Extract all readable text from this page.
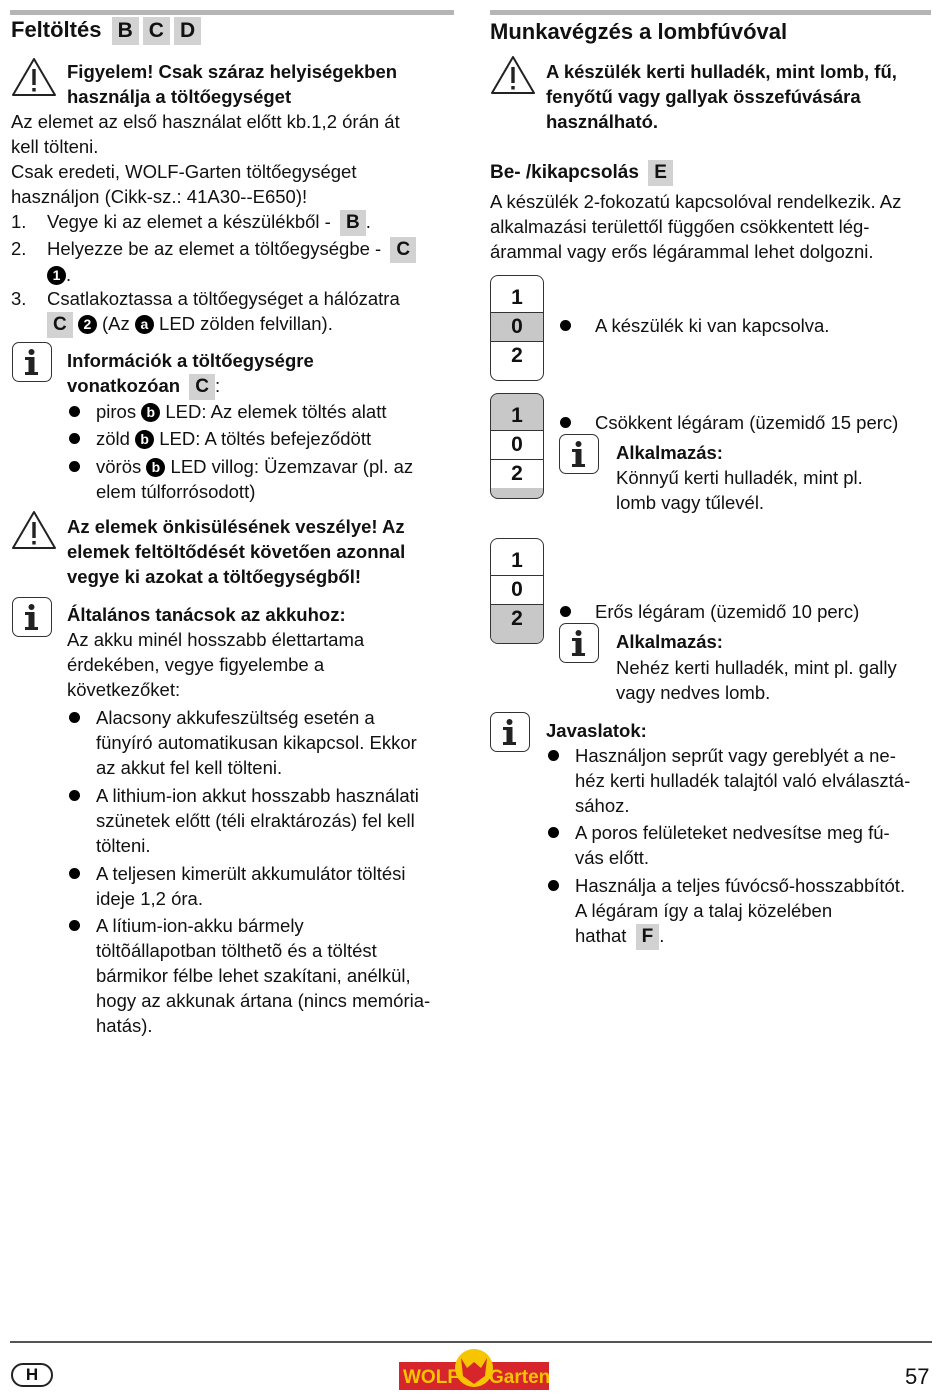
Feltöltés B C D
Figyelem! Csak száraz helyiségekben
használja a töltőegységet
Az elemet az első használat előtt kb.1,2 órán át
kell tölteni.
Csak eredeti, WOLF-Garten töltőegységet
használjon (Cikk-sz.: 41A30--E650)!
1. Vegye ki az elemet a készülékből - B .
2. Helyezze be az elemet a töltőegységbe - C
1 .
3. Csatlakoztassa a töltőegységet a hálózatra
C 2 (Az a LED zölden felvillan).
Információk a töltőegységre
vonatkozóan C :
piros b LED: Az elemek töltés alatt
zöld b LED: A töltés befejeződött
vörös b LED villog: Üzemzavar (pl. az
elem túlforrósodott)
Az elemek önkisülésének veszélye! Az
elemek feltöltődését követően azonnal
vegye ki azokat a töltőegységből!
Általános tanácsok az akkuhoz:
Az akku minél hosszabb élettartama
érdekében, vegye figyelembe a
következőket:
Alacsony akkufeszültség esetén a
fünyíró automatikusan kikapcsol. Ekkor
az akkut fel kell tölteni.
A lithium-ion akkut hosszabb használati
szünetek előtt (téli elraktározás) fel kell
tölteni.
A teljesen kimerült akkumulátor töltési
ideje 1,2 óra.
A lítium-ion-akku bármely
töltõállapotban tölthetõ és a töltést
bármikor félbe lehet szakítani, anélkül,
hogy az akkunak ártana (nincs memória-
hatás).
Munkavégzés a lombfúvóval
A készülék kerti hulladék, mint lomb, fű,
fenyőtű vagy gallyak összefúvására
használható.
Be- /kikapcsolás E
A készülék 2-fokozatú kapcsolóval rendelkezik. Az
alkalmazási területtől függően csökkentett lég-
árammal vagy erős légárammal lehet dolgozni.
1
0
2
A készülék ki van kapcsolva.
1
0
2
Csökkent légáram (üzemidő 15 perc)
Alkalmazás:
Könnyű kerti hulladék, mint pl.
lomb vagy tűlevél.
1
0
2	Erős légáram (üzemidő 10 perc)
Alkalmazás:
Nehéz kerti hulladék, mint pl. gally
vagy nedves lomb.
Javaslatok:
Használjon seprűt vagy gereblyét a ne-
héz kerti hulladék talajtól való elválasztá-
sához.
A poros felületeket nedvesítse meg fú-
vás előtt.
Használja a teljes fúvócső-hosszabbítót.
A légáram így a talaj közelében
hathat F .
H	WOLF Garten	57
